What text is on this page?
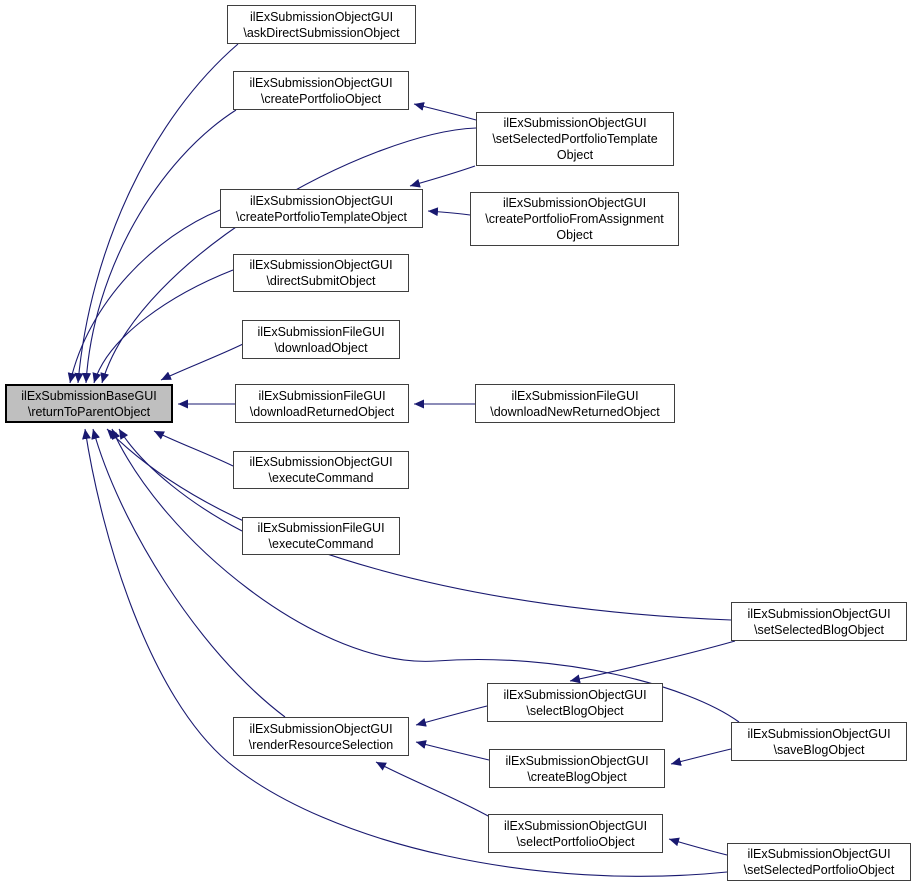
ilExSubmissionObjectGUI
\askDirectSubmissionObject
ilExSubmissionObjectGUI
\createPortfolioObject
ilExSubmissionObjectGUI
\setSelectedPortfolioTemplate
Object
ilExSubmissionObjectGUI
\createPortfolioTemplateObject
ilExSubmissionObjectGUI
\createPortfolioFromAssignment
Object
ilExSubmissionObjectGUI
\directSubmitObject
ilExSubmissionFileGUI
\downloadObject
ilExSubmissionBaseGUI
\returnToParentObject
ilExSubmissionFileGUI
\downloadReturnedObject
ilExSubmissionFileGUI
\downloadNewReturnedObject
ilExSubmissionObjectGUI
\executeCommand
ilExSubmissionFileGUI
\executeCommand
ilExSubmissionObjectGUI
\setSelectedBlogObject
ilExSubmissionObjectGUI
\selectBlogObject
ilExSubmissionObjectGUI
\renderResourceSelection
ilExSubmissionObjectGUI
\createBlogObject
ilExSubmissionObjectGUI
\saveBlogObject
ilExSubmissionObjectGUI
\selectPortfolioObject
ilExSubmissionObjectGUI
\setSelectedPortfolioObject
